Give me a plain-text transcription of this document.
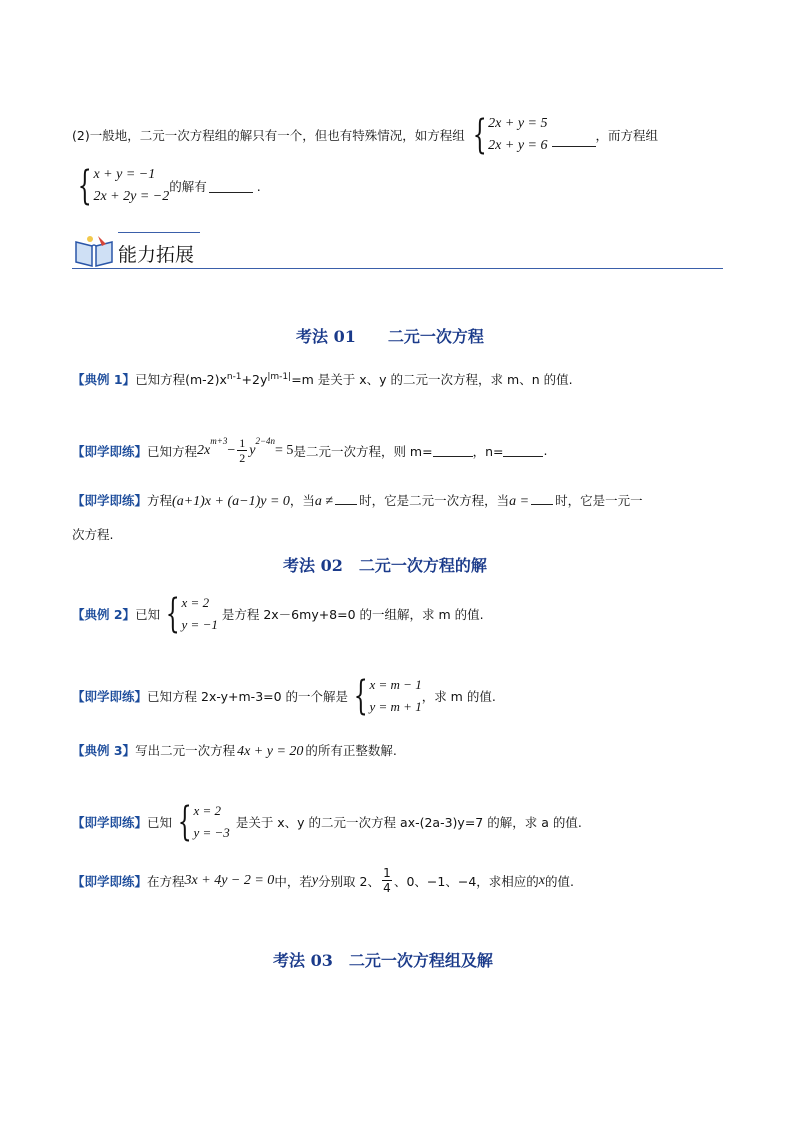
(2)一般地，二元一次方程组的解只有一个，但也有特殊情况，如方程组 { 2x + y = 5
2x + y = 6
，而方程组
{ x + y = −1
2x + 2y = −2
的解有	.
能力拓展
考法 01　　二元一次方程
【典例 1】已知方程$(m-2)x^{n-1}+2y^{|m-1|}=m$ 是关于 x、y 的二元一次方程，求 m、n 的值.
【即学即练】 已知方程 2x
$^{m+3}$
− $\frac{1}{2}$ y
$^{2-4n}$
= 5 是二元一次方程，则 m=	，n=	.
【即学即练】方程(a+1)x + (a−1)y = 0，当a ≠ 时，它是二元一次方程，当a = 时，它是一元一
次方程.
考法 02　二元一次方程的解
【典例 2】 已知 { x = 2
y = −1
是方程 2x－6my+8=0 的一组解，求 m 的值.
【即学即练】 已知方程 2x-y+m-3=0 的一个解是 { x = m − 1
y = m + 1
，求 m 的值.
【典例 3】写出二元一次方程 4x + y = 20 的所有正整数解.
【即学即练】 已知 { x = 2
y = −3
是关于 x、y 的二元一次方程 ax-(2a-3)y=7 的解，求 a 的值.
【即学即练】 在方程 3x + 4y − 2 = 0 中，若 y 分别取 2、 $\frac{1}{4}$ 、0、−1、−4，求相应的 x 的值.
考法 03　二元一次方程组及解
